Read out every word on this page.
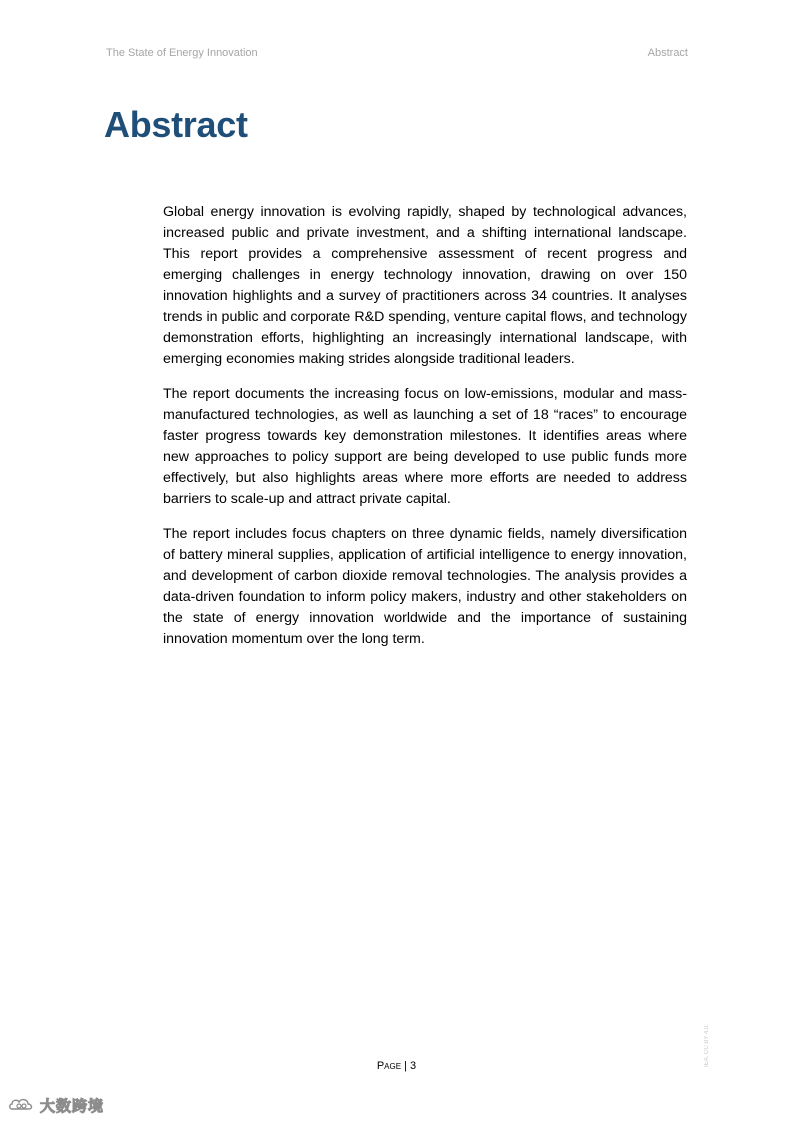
The State of Energy Innovation	Abstract
Abstract

Global energy innovation is evolving rapidly, shaped by technological advances, increased public and private investment, and a shifting international landscape. This report provides a comprehensive assessment of recent progress and emerging challenges in energy technology innovation, drawing on over 150 innovation highlights and a survey of practitioners across 34 countries. It analyses trends in public and corporate R&D spending, venture capital flows, and technology demonstration efforts, highlighting an increasingly international landscape, with emerging economies making strides alongside traditional leaders.

The report documents the increasing focus on low-emissions, modular and mass-manufactured technologies, as well as launching a set of 18 “races” to encourage faster progress towards key demonstration milestones. It identifies areas where new approaches to policy support are being developed to use public funds more effectively, but also highlights areas where more efforts are needed to address barriers to scale-up and attract private capital.

The report includes focus chapters on three dynamic fields, namely diversification of battery mineral supplies, application of artificial intelligence to energy innovation, and development of carbon dioxide removal technologies. The analysis provides a data-driven foundation to inform policy makers, industry and other stakeholders on the state of energy innovation worldwide and the importance of sustaining innovation momentum over the long term.

IEA. CC BY 4.0.
Page | 3
大数跨境
